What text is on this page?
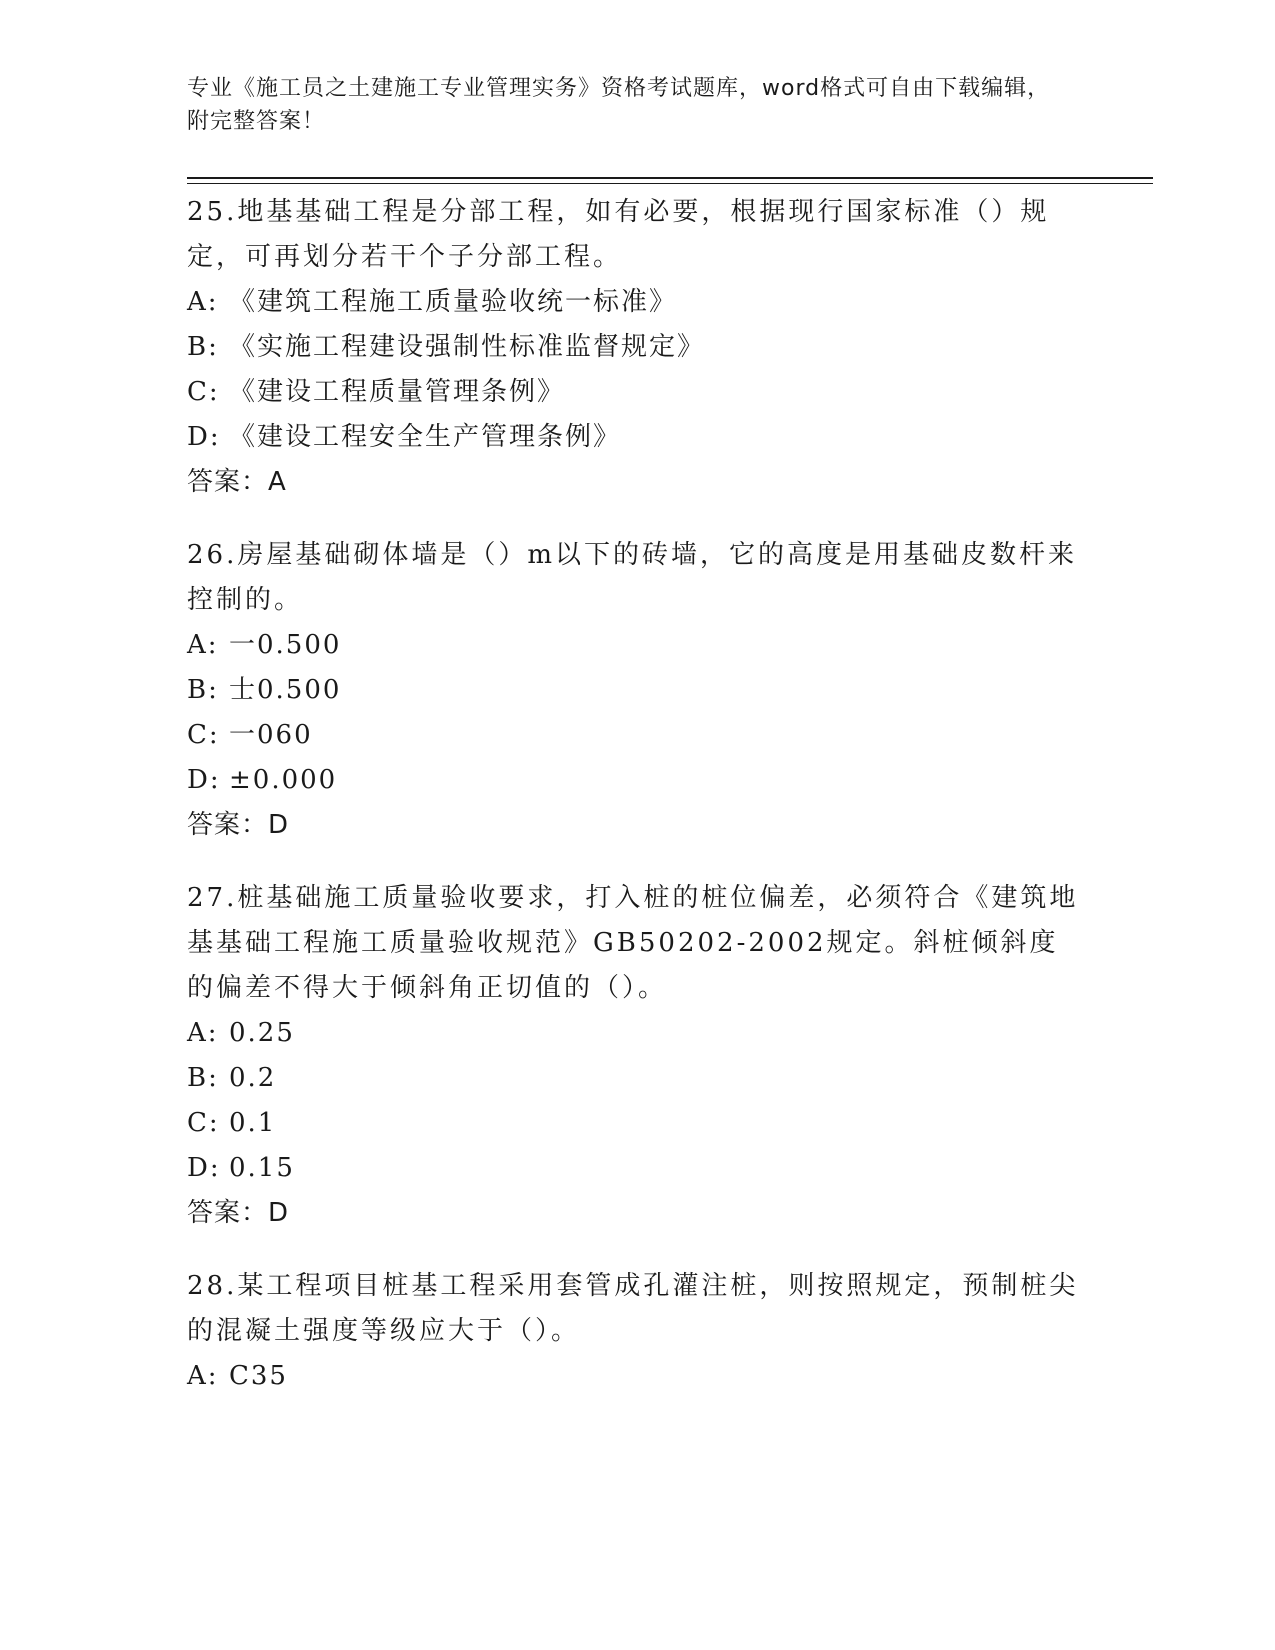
专业《施工员之土建施工专业管理实务》资格考试题库，word格式可自由下载编辑，附完整答案！

25.地基基础工程是分部工程，如有必要，根据现行国家标准（）规定，可再划分若干个子分部工程。

A: 《建筑工程施工质量验收统一标准》

B: 《实施工程建设强制性标准监督规定》

C: 《建设工程质量管理条例》

D: 《建设工程安全生产管理条例》

答案：A

26.房屋基础砌体墙是（）m以下的砖墙，它的高度是用基础皮数杆来控制的。

A: 一0.500

B: 士0.500

C: 一060

D: ±0.000

答案：D

27.桩基础施工质量验收要求，打入桩的桩位偏差，必须符合《建筑地基基础工程施工质量验收规范》GB50202-2002规定。斜桩倾斜度的偏差不得大于倾斜角正切值的（）。

A: 0.25

B: 0.2

C: 0.1

D: 0.15

答案：D

28.某工程项目桩基工程采用套管成孔灌注桩，则按照规定，预制桩尖的混凝土强度等级应大于（）。

A: C35
